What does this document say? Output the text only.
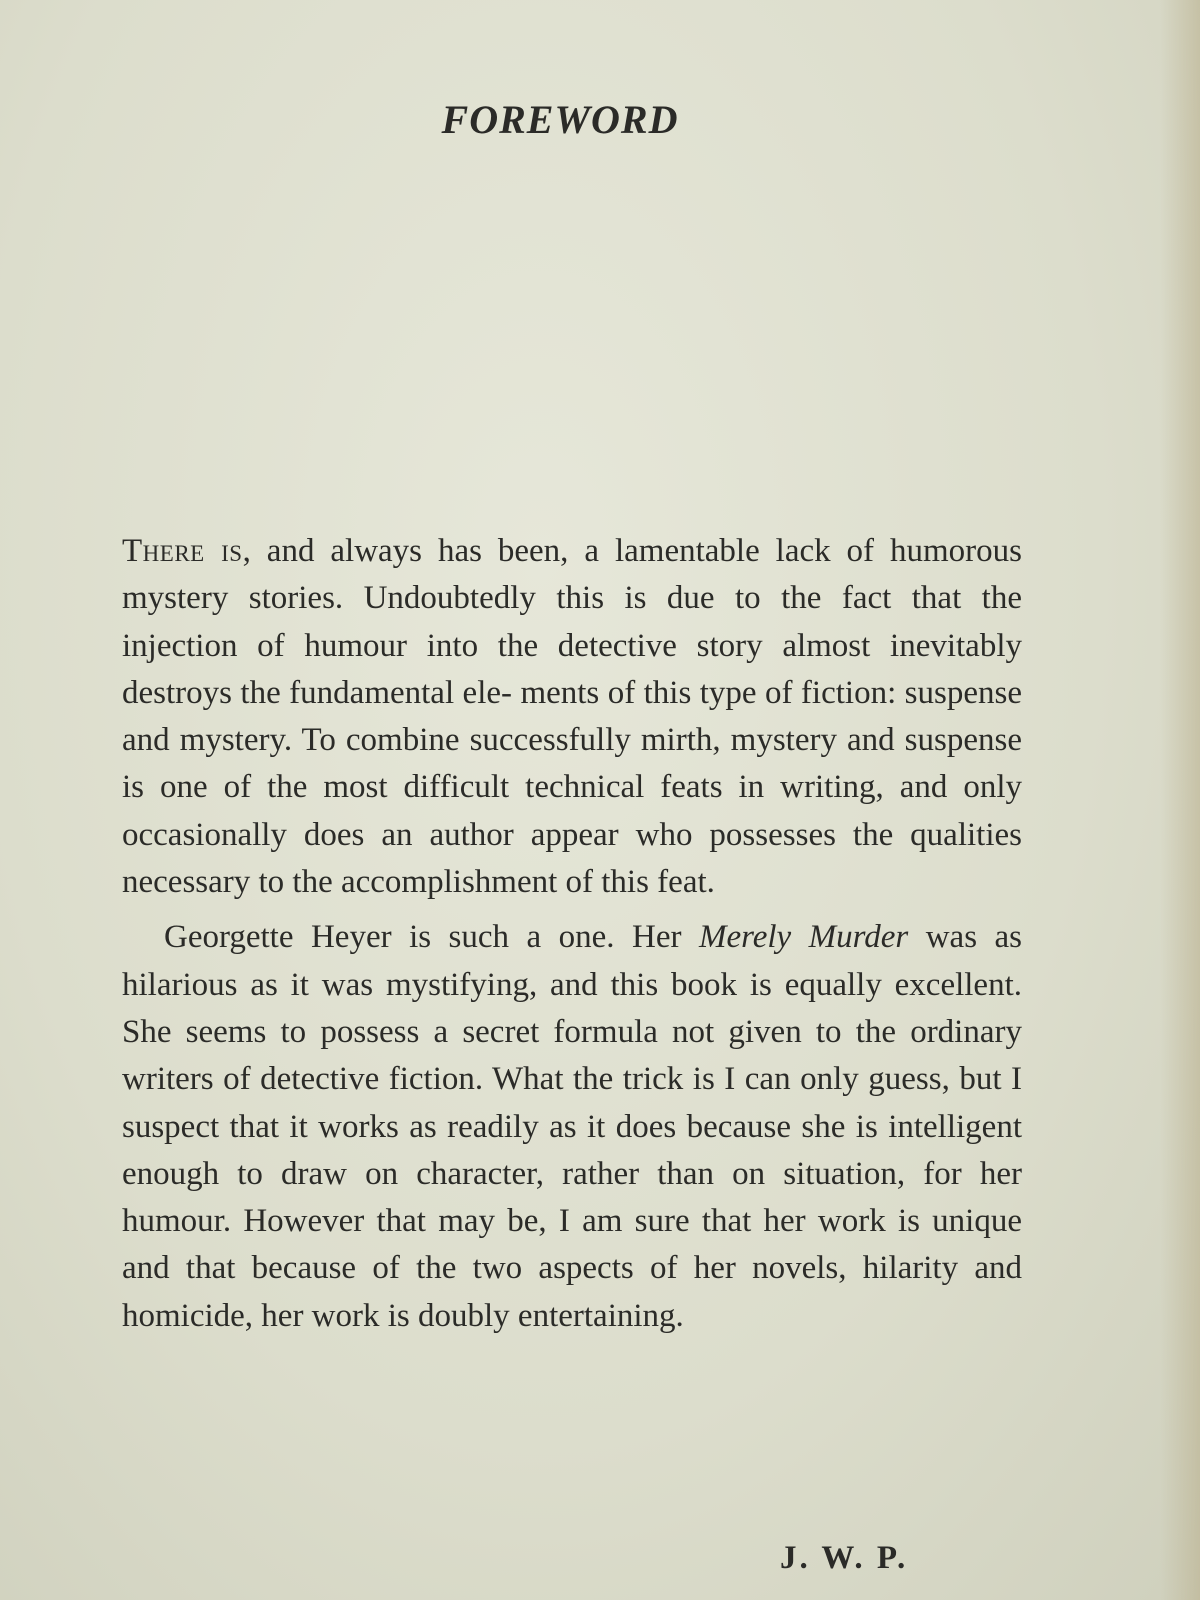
FOREWORD

There is, and always has been, a lamentable lack of humorous mystery stories. Undoubtedly this is due to the fact that the injection of humour into the detective story almost inevitably destroys the fundamental ele- ments of this type of fiction: suspense and mystery. To combine successfully mirth, mystery and suspense is one of the most difficult technical feats in writing, and only occasionally does an author appear who possesses the qualities necessary to the accomplishment of this feat.

Georgette Heyer is such a one. Her Merely Murder was as hilarious as it was mystifying, and this book is equally excellent. She seems to possess a secret formula not given to the ordinary writers of detective fiction. What the trick is I can only guess, but I suspect that it works as readily as it does because she is intelligent enough to draw on character, rather than on situation, for her humour. However that may be, I am sure that her work is unique and that because of the two aspects of her novels, hilarity and homicide, her work is doubly entertaining.

J. W. P.
